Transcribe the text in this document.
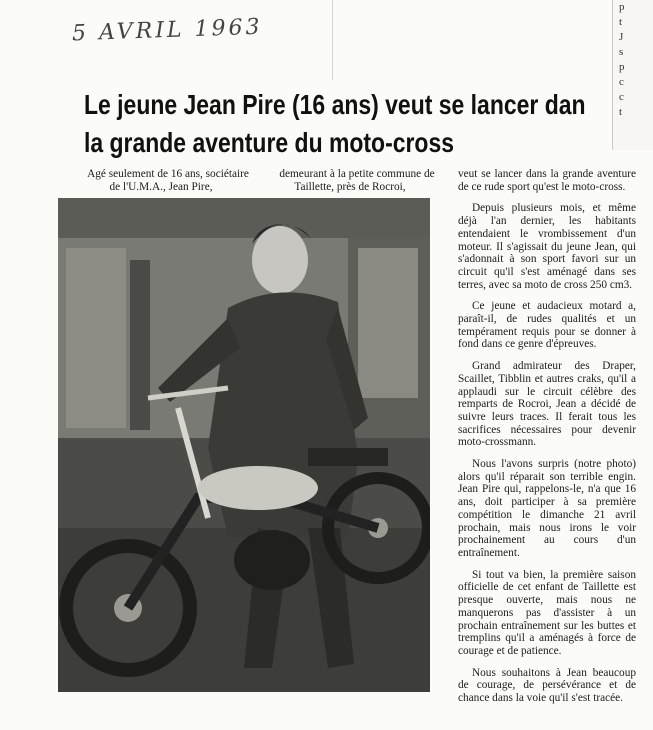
5 AVRIL 1963
p
t
J
s
p
c
c
t
Le jeune Jean Pire (16 ans) veut se lancer dan
la grande aventure du moto-cross

Agé seulement de 16 ans, sociétaire de l'U.M.A., Jean Pire,

demeurant à la petite commune de Taillette, près de Rocroi,

veut se lancer dans la grande aventure de ce rude sport qu'est le moto-cross.

Depuis plusieurs mois, et même déjà l'an dernier, les habitants entendaient le vrombissement d'un moteur. Il s'agissait du jeune Jean, qui s'adonnait à son sport favori sur un circuit qu'il s'est aménagé dans ses terres, avec sa moto de cross 250 cm3.

Ce jeune et audacieux motard a, paraît-il, de rudes qualités et un tempérament requis pour se donner à fond dans ce genre d'épreuves.

Grand admirateur des Draper, Scaillet, Tibblin et autres craks, qu'il a applaudi sur le circuit célèbre des remparts de Rocroi, Jean a décidé de suivre leurs traces. Il ferait tous les sacrifices nécessaires pour devenir moto-crossmann.

Nous l'avons surpris (notre photo) alors qu'il réparait son terrible engin. Jean Pire qui, rappelons-le, n'a que 16 ans, doit participer à sa première compétition le dimanche 21 avril prochain, mais nous irons le voir prochainement au cours d'un entraînement.

Si tout va bien, la première saison officielle de cet enfant de Taillette est presque ouverte, mais nous ne manquerons pas d'assister à un prochain entraînement sur les buttes et tremplins qu'il a aménagés à force de courage et de patience.

Nous souhaitons à Jean beaucoup de courage, de persévérance et de chance dans la voie qu'il s'est tracée.
